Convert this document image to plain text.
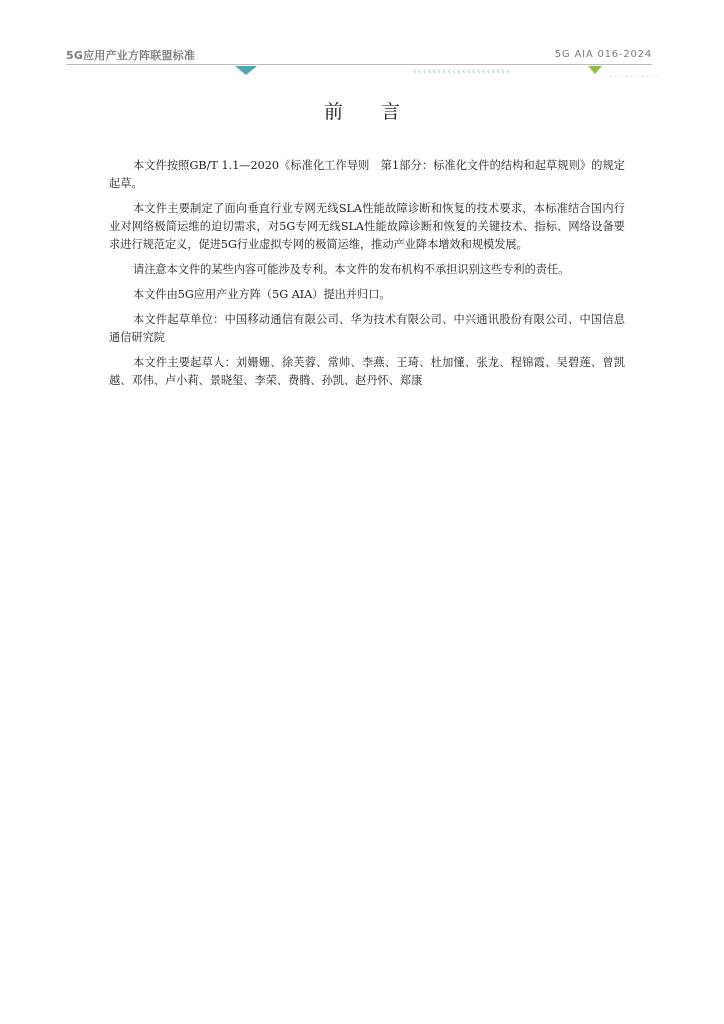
5G应用产业方阵联盟标准	5G AIA 016-2024
‹‹‹‹‹‹‹‹‹‹‹‹‹‹‹‹‹‹‹‹	··········
前言

本文件按照GB/T 1.1—2020《标准化工作导则　第1部分：标准化文件的结构和起草规则》的规定起草。

本文件主要制定了面向垂直行业专网无线SLA性能故障诊断和恢复的技术要求，本标准结合国内行业对网络极简运维的迫切需求，对5G专网无线SLA性能故障诊断和恢复的关键技术、指标、网络设备要求进行规范定义，促进5G行业虚拟专网的极简运维，推动产业降本增效和规模发展。

请注意本文件的某些内容可能涉及专利。本文件的发布机构不承担识别这些专利的责任。

本文件由5G应用产业方阵（5G AIA）提出并归口。

本文件起草单位：中国移动通信有限公司、华为技术有限公司、中兴通讯股份有限公司、中国信息通信研究院

本文件主要起草人：刘姗姗、徐芙蓉、常帅、李燕、王琦、杜加懂、张龙、程锦霞、吴碧莲、曾凯越、邓伟、卢小莉、景晓玺、李荣、费腾、孙凯、赵丹怀、郑康
